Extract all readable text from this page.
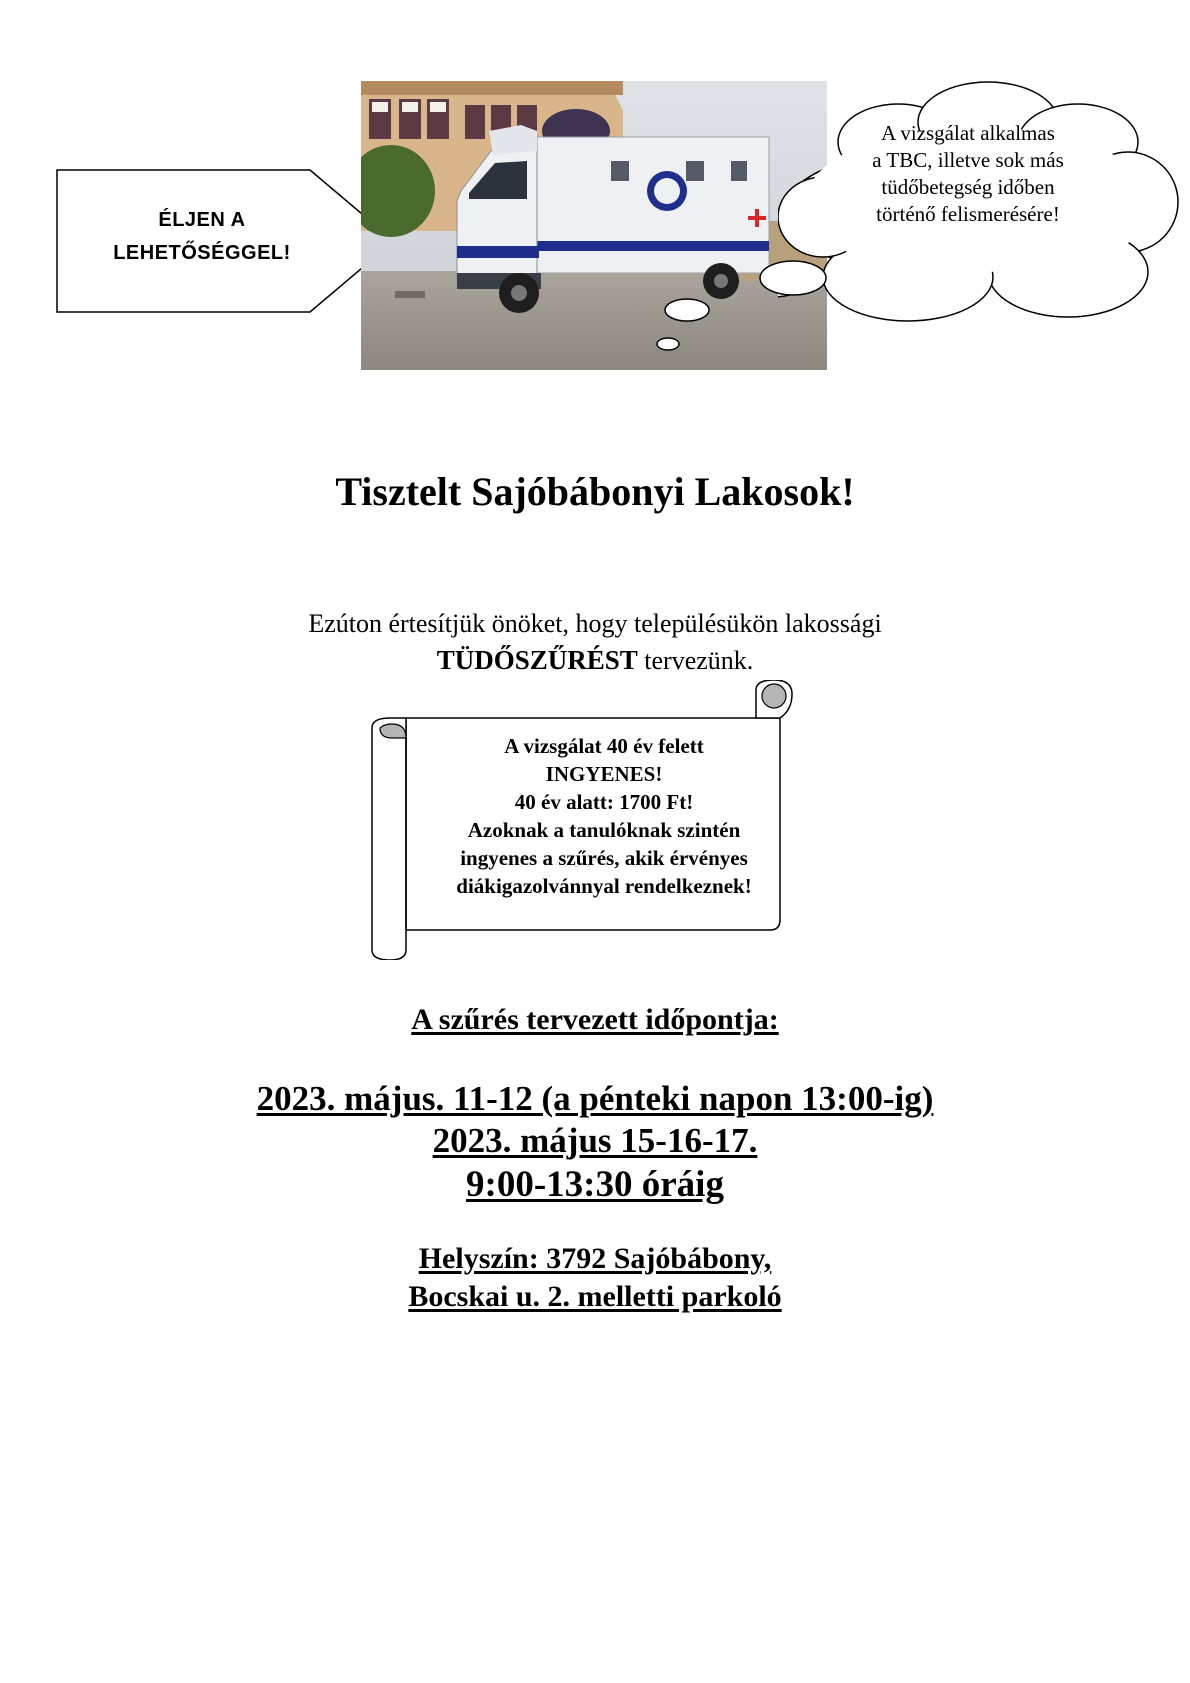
ÉLJEN A
LEHETŐSÉGGEL!
A vizsgálat alkalmas
a TBC, illetve sok más
tüdőbetegség időben
történő felismerésére!
Tisztelt Sajóbábonyi Lakosok!
Ezúton értesítjük önöket, hogy településükön lakossági
TÜDŐSZŰRÉST tervezünk.
A vizsgálat 40 év felett
INGYENES!
40 év alatt: 1700 Ft!
Azoknak a tanulóknak szintén
ingyenes a szűrés, akik érvényes
diákigazolvánnyal rendelkeznek!
A szűrés tervezett időpontja:
2023. május. 11-12 (a pénteki napon 13:00-ig)
2023. május 15-16-17.
9:00-13:30 óráig
Helyszín: 3792 Sajóbábony,
Bocskai u. 2. melletti parkoló
